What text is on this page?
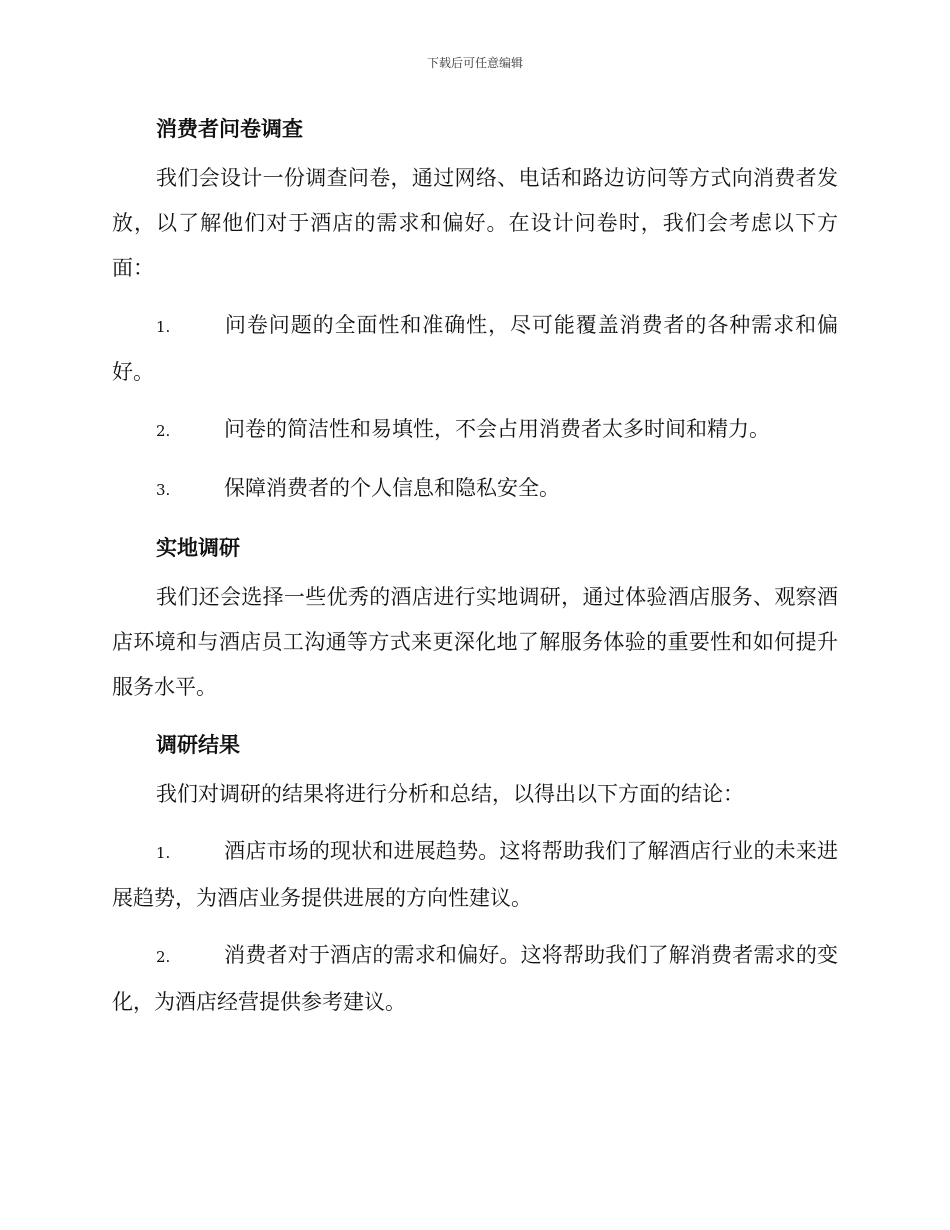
下载后可任意编辑
消费者问卷调查

我们会设计一份调查问卷，通过网络、电话和路边访问等方式向消费者发放，以了解他们对于酒店的需求和偏好。在设计问卷时，我们会考虑以下方面：

1.	问卷问题的全面性和准确性，尽可能覆盖消费者的各种需求和偏好。
2.	问卷的简洁性和易填性，不会占用消费者太多时间和精力。
3.	保障消费者的个人信息和隐私安全。
实地调研

我们还会选择一些优秀的酒店进行实地调研，通过体验酒店服务、观察酒店环境和与酒店员工沟通等方式来更深化地了解服务体验的重要性和如何提升服务水平。

调研结果

我们对调研的结果将进行分析和总结，以得出以下方面的结论：

1.	酒店市场的现状和进展趋势。这将帮助我们了解酒店行业的未来进展趋势，为酒店业务提供进展的方向性建议。
2.	消费者对于酒店的需求和偏好。这将帮助我们了解消费者需求的变化，为酒店经营提供参考建议。
